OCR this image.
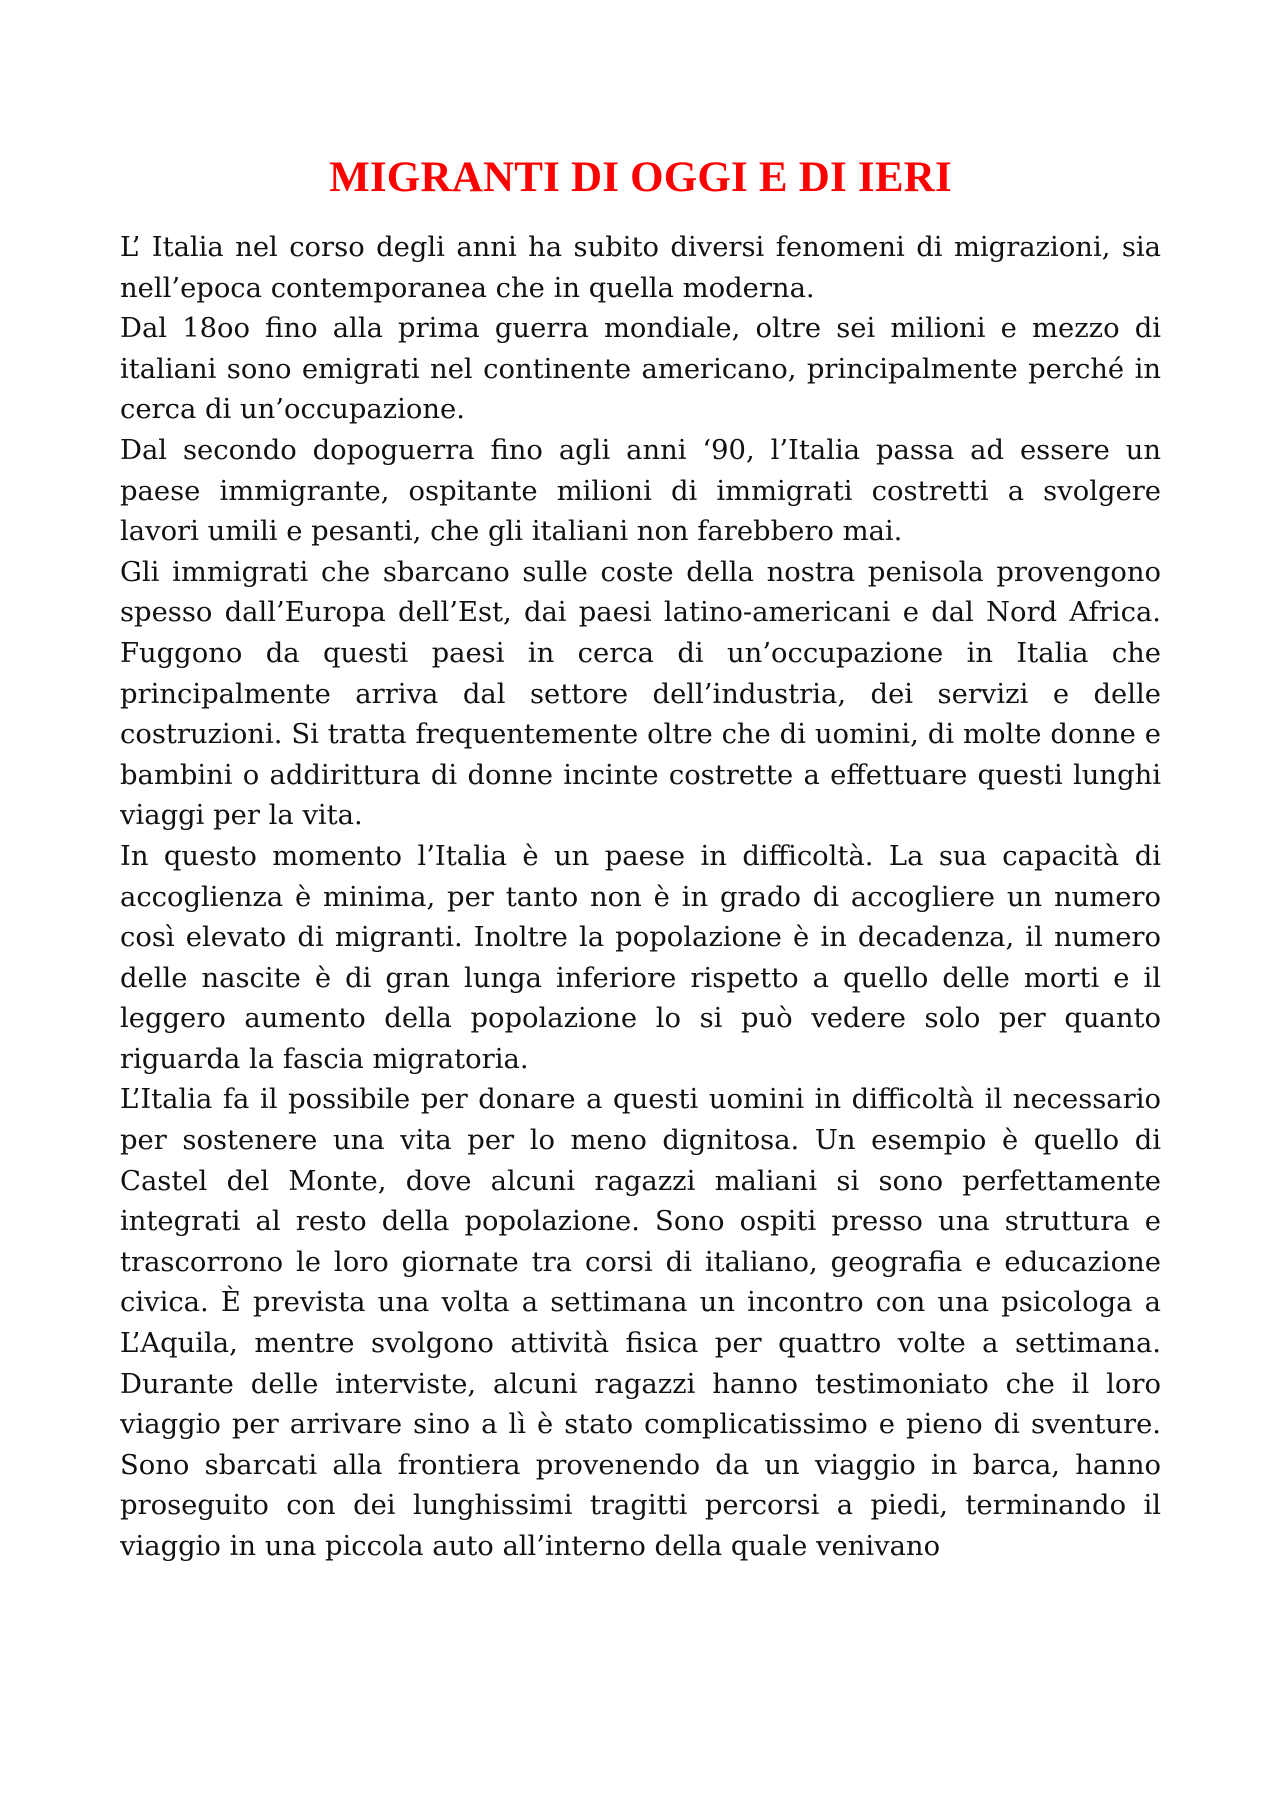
MIGRANTI DI OGGI E DI IERI

L’ Italia nel corso degli anni ha subito diversi fenomeni di migrazioni, sia nell’epoca contemporanea che in quella moderna.

Dal 18oo fino alla prima guerra mondiale, oltre sei milioni e mezzo di italiani sono emigrati nel continente americano, principalmente perché in cerca di un’occupazione.

Dal secondo dopoguerra fino agli anni ‘90, l’Italia passa ad essere un paese immigrante, ospitante milioni di immigrati costretti a svolgere lavori umili e pesanti, che gli italiani non farebbero mai.

Gli immigrati che sbarcano sulle coste della nostra penisola provengono spesso dall’Europa dell’Est, dai paesi latino-americani e dal Nord Africa. Fuggono da questi paesi in cerca di un’occupazione in Italia che principalmente arriva dal settore dell’industria, dei servizi e delle costruzioni. Si tratta frequentemente oltre che di uomini, di molte donne e bambini o addirittura di donne incinte costrette a effettuare questi lunghi viaggi per la vita.

In questo momento l’Italia è un paese in difficoltà. La sua capacità di accoglienza è minima, per tanto non è in grado di accogliere un numero così elevato di migranti. Inoltre la popolazione è in decadenza, il numero delle nascite è di gran lunga inferiore rispetto a quello delle morti e il leggero aumento della popolazione lo si può vedere solo per quanto riguarda la fascia migratoria.

L’Italia fa il possibile per donare a questi uomini in difficoltà il necessario per sostenere una vita per lo meno dignitosa. Un esempio è quello di Castel del Monte, dove alcuni ragazzi maliani si sono perfettamente integrati al resto della popolazione. Sono ospiti presso una struttura e trascorrono le loro giornate tra corsi di italiano, geografia e educazione civica. È prevista una volta a settimana un incontro con una psicologa a L’Aquila, mentre svolgono attività fisica per quattro volte a settimana. Durante delle interviste, alcuni ragazzi hanno testimoniato che il loro viaggio per arrivare sino a lì è stato complicatissimo e pieno di sventure. Sono sbarcati alla frontiera provenendo da un viaggio in barca, hanno proseguito con dei lunghissimi tragitti percorsi a piedi, terminando il viaggio in una piccola auto all’interno della quale venivano
